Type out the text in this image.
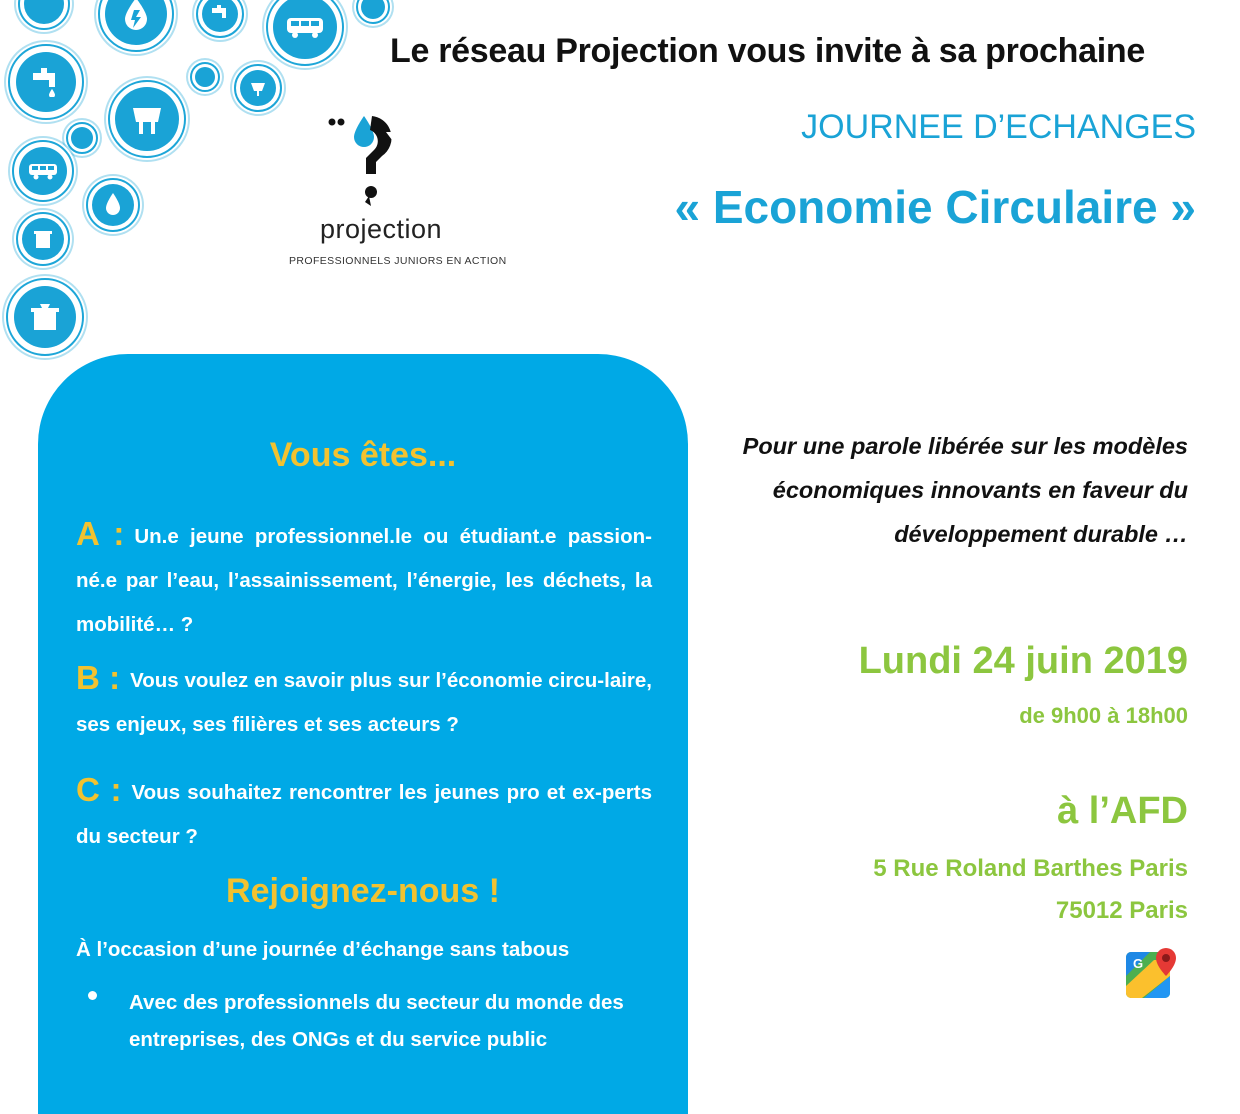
Le réseau Projection vous invite à sa prochaine
JOURNEE D’ECHANGES
« Economie Circulaire »
projection
PROFESSIONNELS JUNIORS EN ACTION
Vous êtes...
A : Un.e jeune professionnel.le ou étudiant.e passion-né.e par l’eau, l’assainissement, l’énergie, les déchets, la mobilité… ?
B : Vous voulez en savoir plus sur l’économie circu-laire, ses enjeux, ses filières et ses acteurs ?
C : Vous souhaitez rencontrer les jeunes pro et ex-perts du secteur ?
Rejoignez-nous !
À l’occasion d’une journée d’échange sans tabous
Avec des professionnels du secteur du monde des entreprises, des ONGs et du service public
Pour une parole libérée sur les modèles économiques innovants en faveur du développement durable …
Lundi 24 juin 2019
de 9h00 à 18h00
à l’AFD
5 Rue Roland Barthes Paris
75012 Paris
G
